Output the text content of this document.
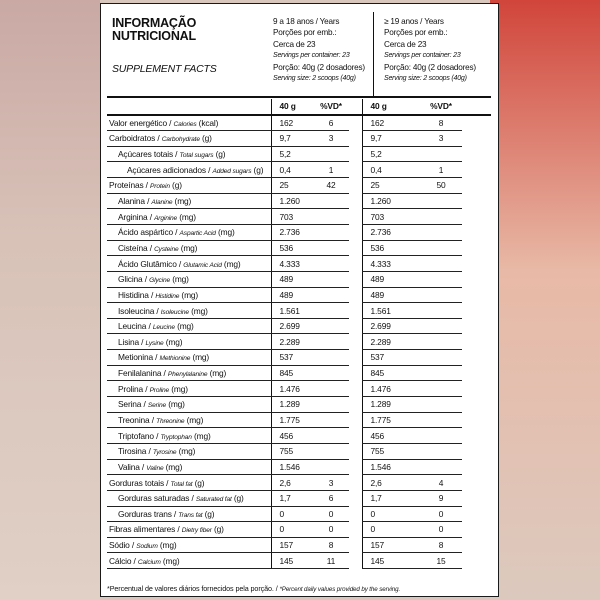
INFORMAÇÃO
NUTRICIONAL
SUPPLEMENT FACTS
9 a 18 anos / Years
Porções por emb.:
Cerca de 23
Servings per container: 23
Porção: 40g (2 dosadores)
Serving size: 2 scoops (40g)
≥ 19 anos / Years
Porções por emb.:
Cerca de 23
Servings per container: 23
Porção: 40g (2 dosadores)
Serving size: 2 scoops (40g)
	40 g	%VD*		40 g	%VD*	
Valor energético / Calories (kcal)	162	6		162	8	
Carboidratos / Carbohydrate (g)	9,7	3		9,7	3	
Açúcares totais / Total sugars (g)	5,2			5,2		
Açúcares adicionados / Added sugars (g)	0,4	1		0,4	1	
Proteínas / Protein (g)	25	42		25	50	
Alanina / Alanine (mg)	1.260			1.260		
Arginina / Arginine (mg)	703			703		
Ácido aspártico / Aspartic Acid (mg)	2.736			2.736		
Cisteína / Cysteine (mg)	536			536		
Ácido Glutâmico / Glutamic Acid (mg)	4.333			4.333		
Glicina / Glycine (mg)	489			489		
Histidina / Histidine (mg)	489			489		
Isoleucina / Isoleucine (mg)	1.561			1.561		
Leucina / Leucine (mg)	2.699			2.699		
Lisina / Lysine (mg)	2.289			2.289		
Metionina / Methionine (mg)	537			537		
Fenilalanina / Phenylalanine (mg)	845			845		
Prolina / Proline (mg)	1.476			1.476		
Serina / Serine (mg)	1.289			1.289		
Treonina / Threonine (mg)	1.775			1.775		
Triptofano / Tryptophan (mg)	456			456		
Tirosina / Tyrosine (mg)	755			755		
Valina / Valine (mg)	1.546			1.546		
Gorduras totais / Total fat (g)	2,6	3		2,6	4	
Gorduras saturadas / Saturated fat (g)	1,7	6		1,7	9	
Gorduras trans / Trans fat (g)	0	0		0	0	
Fibras alimentares / Dietry fiber (g)	0	0		0	0	
Sódio / Sodium (mg)	157	8		157	8	
Cálcio / Calcium (mg)	145	11		145	15	
*Percentual de valores diários fornecidos pela porção. / *Percent daily values provided by the serving.
